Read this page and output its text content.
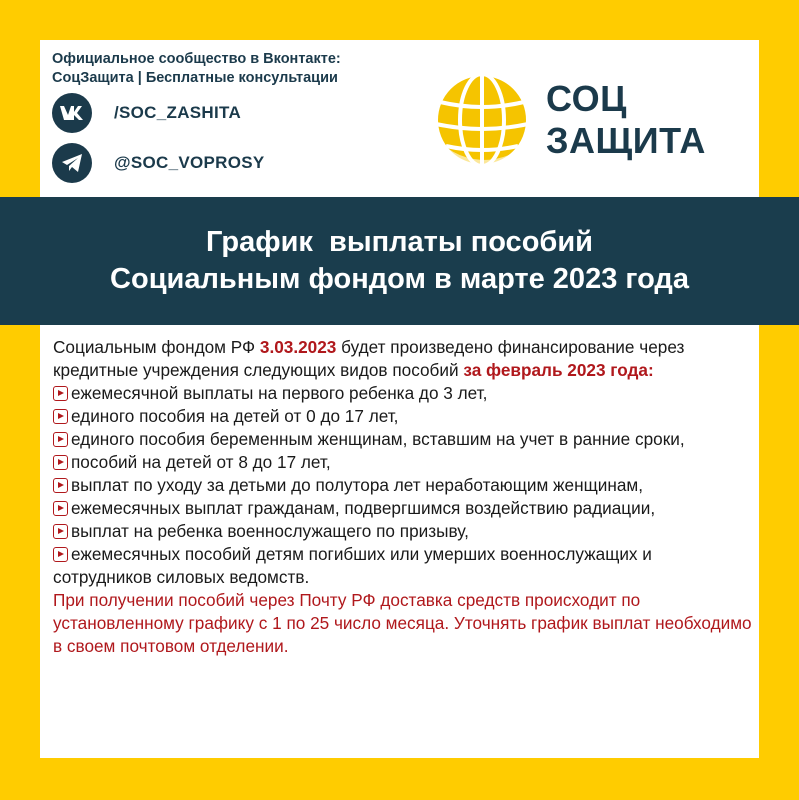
Официальное сообщество в Вконтакте:
СоцЗащита | Бесплатные консультации
/SOC_ZASHITA
@SOC_VOPROSY
СОЦ
ЗАЩИТА
График  выплаты пособий
Социальным фондом в марте 2023 года
Социальным фондом РФ 3.03.2023 будет произведено финансирование через кредитные учреждения следующих видов пособий за февраль 2023 года:
ежемесячной выплаты на первого ребенка до 3 лет,
единого пособия на детей от 0 до 17 лет,
единого пособия беременным женщинам, вставшим на учет в ранние сроки,
пособий на детей от 8 до 17 лет,
выплат по уходу за детьми до полутора лет неработающим женщинам,
ежемесячных выплат гражданам, подвергшимся воздействию радиации,
выплат на ребенка военнослужащего по призыву,
ежемесячных пособий детям погибших или умерших военнослужащих и сотрудников силовых ведомств.
При получении пособий через Почту РФ доставка средств происходит по установленному графику с 1 по 25 число месяца. Уточнять график выплат необходимо в своем почтовом отделении.
